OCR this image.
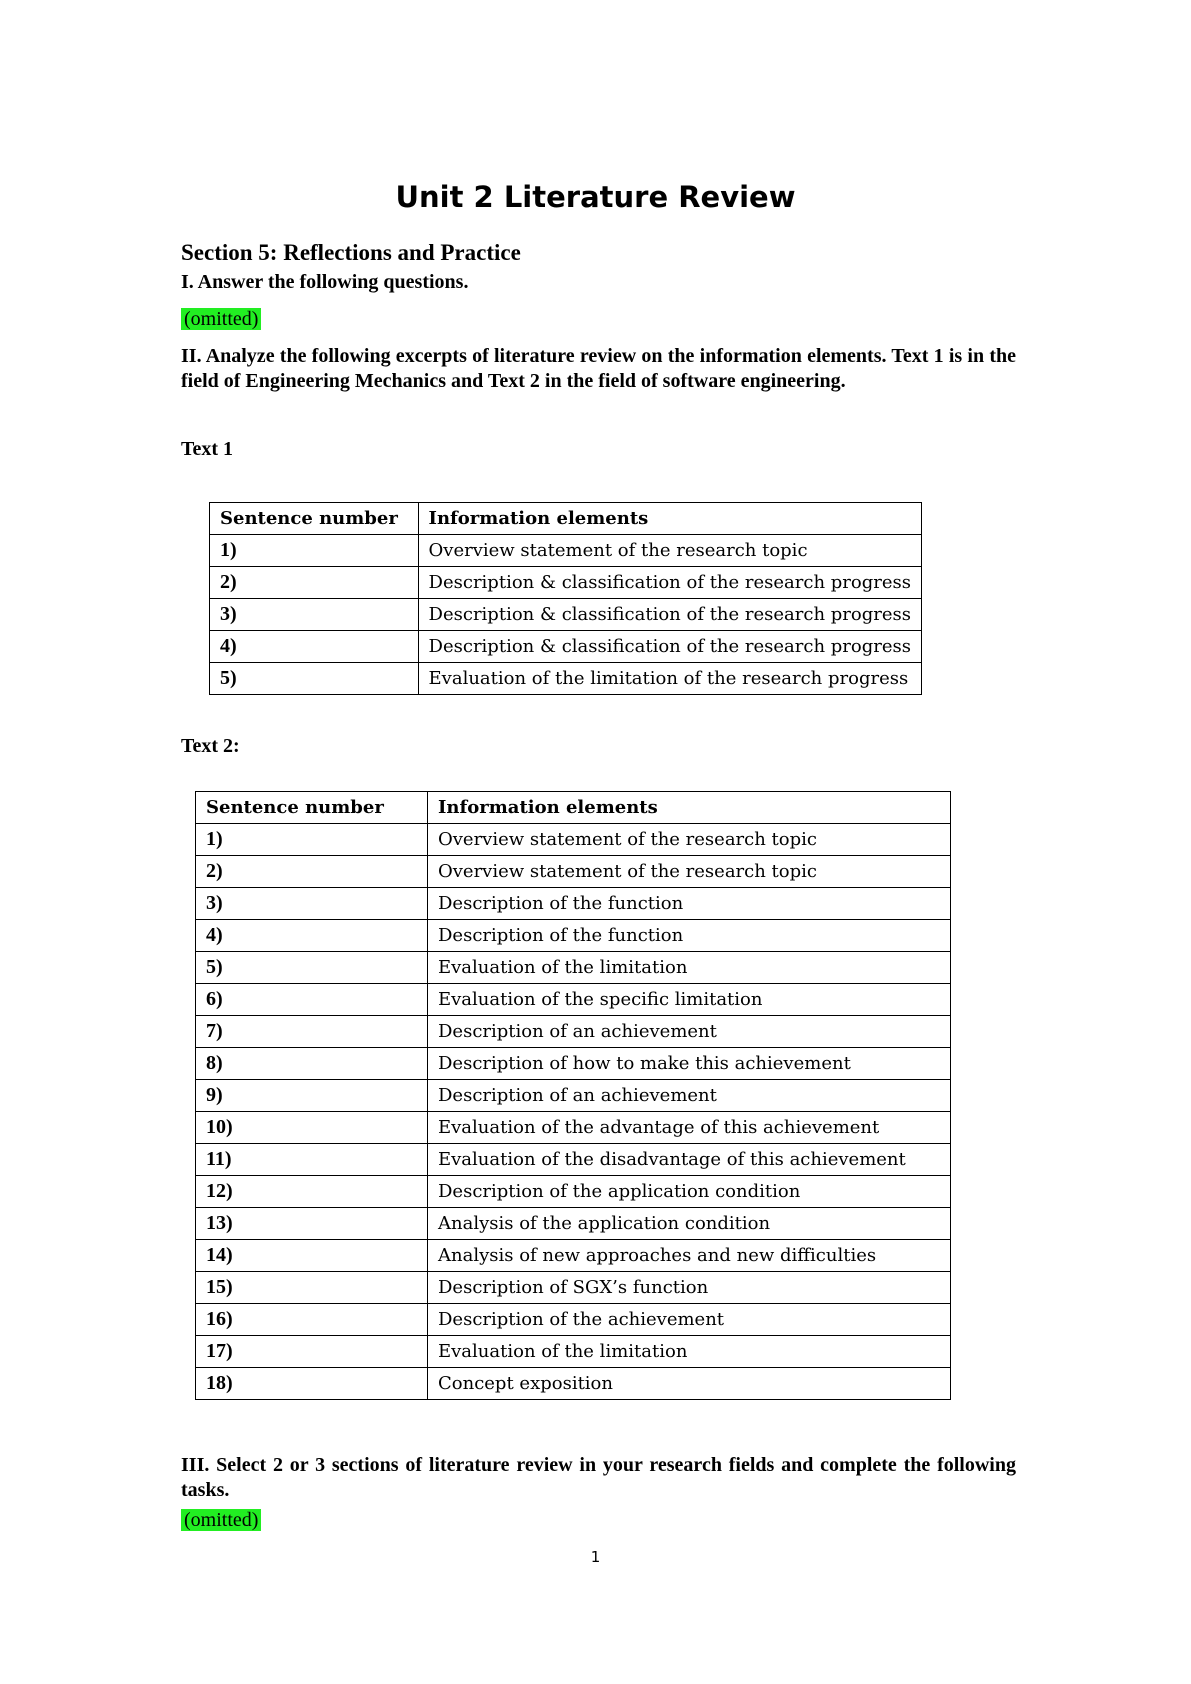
Unit 2 Literature Review
Section 5: Reflections and Practice
I. Answer the following questions.
(omitted)
II. Analyze the following excerpts of literature review on the information elements. Text 1 is in the field of Engineering Mechanics and Text 2 in the field of software engineering.
Text 1
Sentence number	Information elements
1)	Overview statement of the research topic
2)	Description & classification of the research progress
3)	Description & classification of the research progress
4)	Description & classification of the research progress
5)	Evaluation of the limitation of the research progress
Text 2:
Sentence number	Information elements
1)	Overview statement of the research topic
2)	Overview statement of the research topic
3)	Description of the function
4)	Description of the function
5)	Evaluation of the limitation
6)	Evaluation of the specific limitation
7)	Description of an achievement
8)	Description of how to make this achievement
9)	Description of an achievement
10)	Evaluation of the advantage of this achievement
11)	Evaluation of the disadvantage of this achievement
12)	Description of the application condition
13)	Analysis of the application condition
14)	Analysis of new approaches and new difficulties
15)	Description of SGX’s function
16)	Description of the achievement
17)	Evaluation of the limitation
18)	Concept exposition
III. Select 2 or 3 sections of literature review in your research fields and complete the following tasks.
(omitted)
1
